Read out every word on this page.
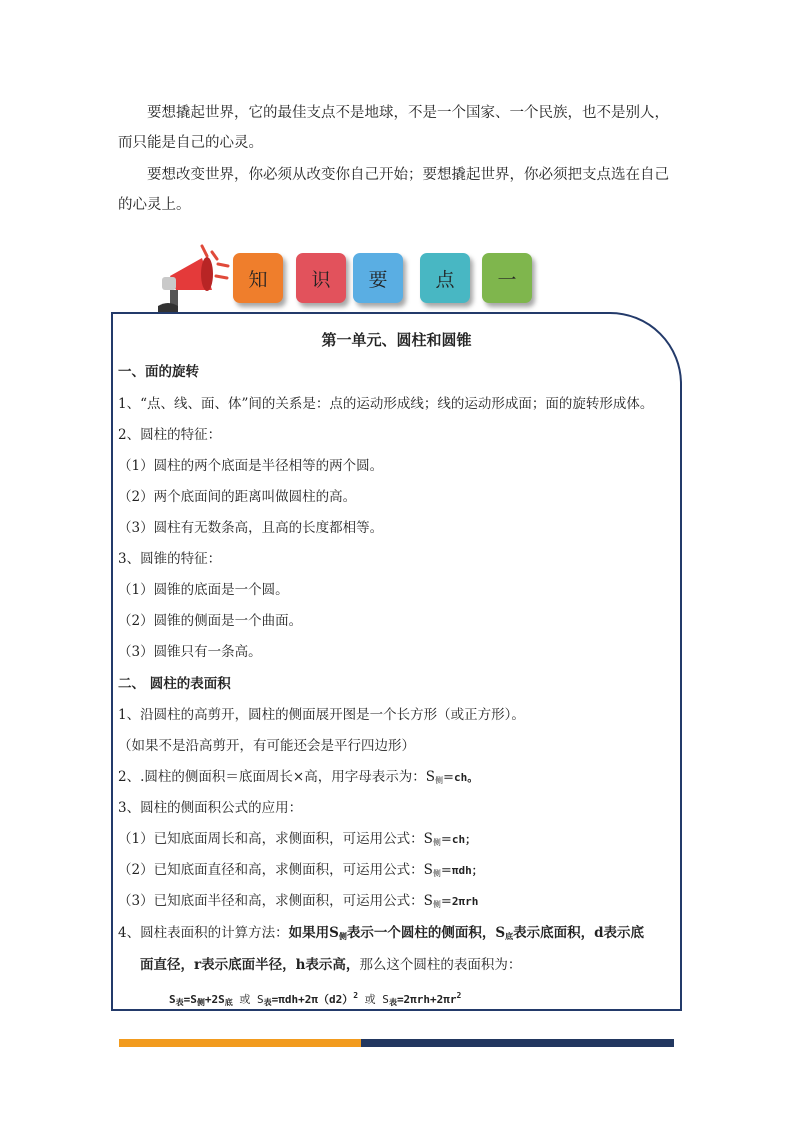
要想撬起世界，它的最佳支点不是地球，不是一个国家、一个民族，也不是别人，而只能是自己的心灵。

要想改变世界，你必须从改变你自己开始；要想撬起世界，你必须把支点选在自己的心灵上。

知	识	要	点	一
第一单元、圆柱和圆锥
一、面的旋转
1、“点、线、面、体”间的关系是：点的运动形成线；线的运动形成面；面的旋转形成体。
2、圆柱的特征：
（1）圆柱的两个底面是半径相等的两个圆。
（2）两个底面间的距离叫做圆柱的高。
（3）圆柱有无数条高，且高的长度都相等。
3、圆锥的特征：
（1）圆锥的底面是一个圆。
（2）圆锥的侧面是一个曲面。
（3）圆锥只有一条高。
二、 圆柱的表面积
1、沿圆柱的高剪开，圆柱的侧面展开图是一个长方形（或正方形）。
（如果不是沿高剪开，有可能还会是平行四边形）
2、.圆柱的侧面积＝底面周长×高，用字母表示为：$S_侧=ch$。
3、圆柱的侧面积公式的应用：
（1）已知底面周长和高，求侧面积，可运用公式：$S_侧=ch$；
（2）已知底面直径和高，求侧面积，可运用公式：$S_侧=\pi dh$；
（3）已知底面半径和高，求侧面积，可运用公式：$S_侧=2\pi rh$
4、圆柱表面积的计算方法：如果用$S_侧$表示一个圆柱的侧面积，$S_底$表示底面积，d表示底
面直径，r表示底面半径，h表示高，那么这个圆柱的表面积为：
$S_表=S_侧+2S_底$ 或 $S_表=\pi dh+2\pi(d2)^2$ 或 $S_表=2\pi rh+2\pi r^2$
